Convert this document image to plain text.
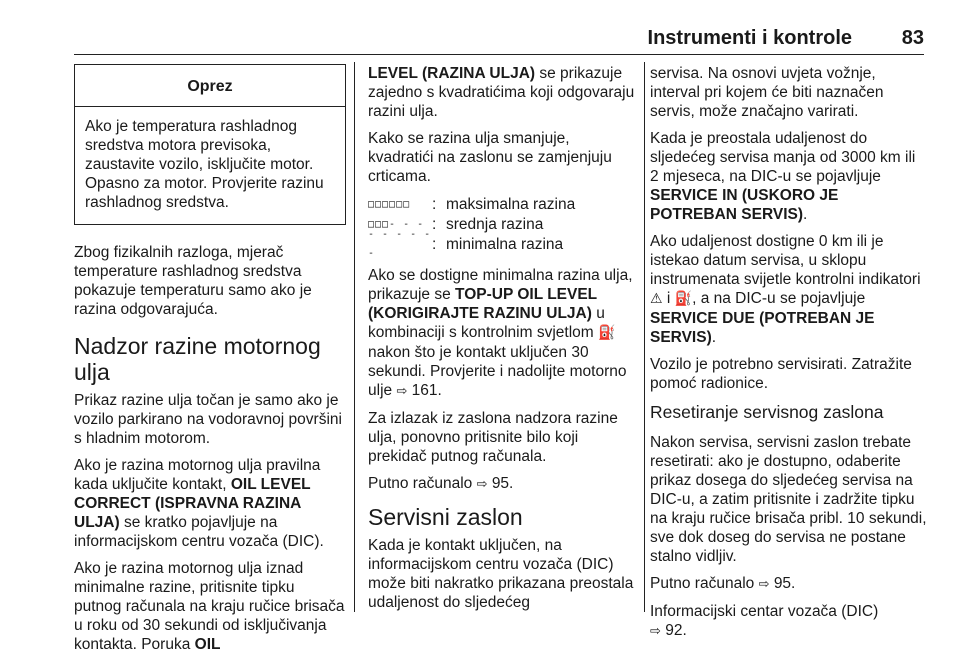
Instrumenti i kontrole 83
Oprez
Ako je temperatura rashladnog sredstva motora previsoka, zaustavite vozilo, isključite motor. Opasno za motor. Provjerite razinu rashladnog sredstva.

Zbog fizikalnih razloga, mjerač temperature rashladnog sredstva pokazuje temperaturu samo ako je razina odgovarajuća.

Nadzor razine motornog ulja

Prikaz razine ulja točan je samo ako je vozilo parkirano na vodoravnoj površini s hladnim motorom.

Ako je razina motornog ulja pravilna kada uključite kontakt, OIL LEVEL CORRECT (ISPRAVNA RAZINA ULJA) se kratko pojavljuje na informacijskom centru vozača (DIC).

Ako je razina motornog ulja iznad minimalne razine, pritisnite tipku putnog računala na kraju ručice brisača u roku od 30 sekundi od isključivanja kontakta. Poruka OIL

LEVEL (RAZINA ULJA) se prikazuje zajedno s kvadratićima koji odgovaraju razini ulja.

Kako se razina ulja smanjuje, kvadratići na zaslonu se zamjenjuju crticama.

□□□□□□	: maksimalna razina
□□□- - - : srednja razina
- - - - - -
: minimalna razina

Ako se dostigne minimalna razina ulja, prikazuje se TOP-UP OIL LEVEL (KORIGIRAJTE RAZINU ULJA) u kombinaciji s kontrolnim svjetlom ⛽ nakon što je kontakt uključen 30 sekundi. Provjerite i nadolijte motorno ulje ⇨ 161.

Za izlazak iz zaslona nadzora razine ulja, ponovno pritisnite bilo koji prekidač putnog računala.

Putno računalo ⇨ 95.

Servisni zaslon

Kada je kontakt uključen, na informacijskom centru vozača (DIC) može biti nakratko prikazana preostala udaljenost do sljedećeg

servisa. Na osnovi uvjeta vožnje, interval pri kojem će biti naznačen servis, može značajno varirati.

Kada je preostala udaljenost do sljedećeg servisa manja od 3000 km ili 2 mjeseca, na DIC-u se pojavljuje SERVICE IN (USKORO JE POTREBAN SERVIS).

Ako udaljenost dostigne 0 km ili je istekao datum servisa, u sklopu instrumenata svijetle kontrolni indikatori ⚠ i ⛽, a na DIC-u se pojavljuje SERVICE DUE (POTREBAN JE SERVIS).

Vozilo je potrebno servisirati. Zatražite pomoć radionice.

Resetiranje servisnog zaslona

Nakon servisa, servisni zaslon trebate resetirati: ako je dostupno, odaberite prikaz dosega do sljedećeg servisa na DIC-u, a zatim pritisnite i zadržite tipku na kraju ručice brisača pribl. 10 sekundi, sve dok doseg do servisa ne postane stalno vidljiv.

Putno računalo ⇨ 95.

Informacijski centar vozača (DIC)
⇨ 92.
